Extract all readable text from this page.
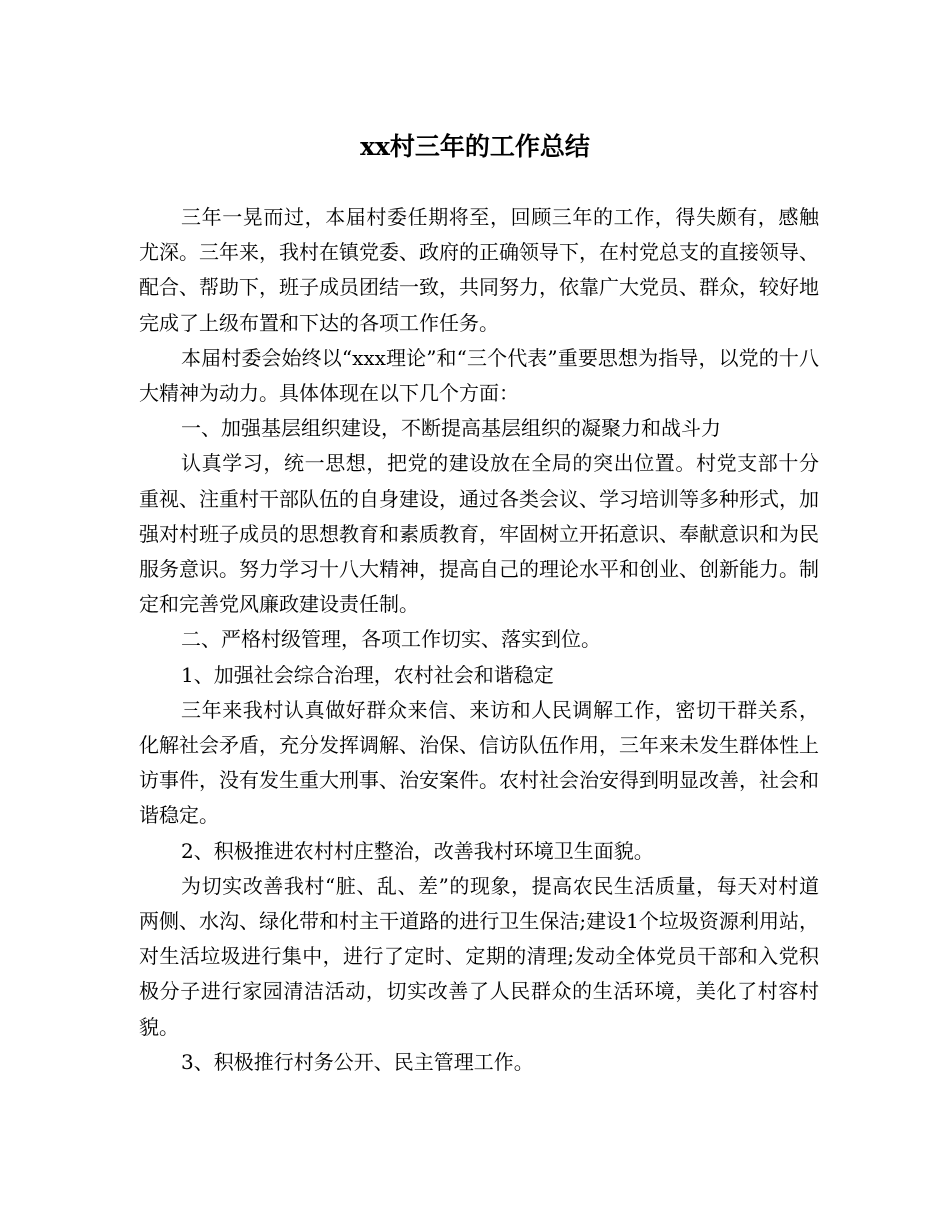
xx村三年的工作总结

三年一晃而过，本届村委任期将至，回顾三年的工作，得失颇有，感触尤深。三年来，我村在镇党委、政府的正确领导下，在村党总支的直接领导、配合、帮助下，班子成员团结一致，共同努力，依靠广大党员、群众，较好地完成了上级布置和下达的各项工作任务。

本届村委会始终以“xxx理论”和“三个代表”重要思想为指导，以党的十八大精神为动力。具体体现在以下几个方面：

一、加强基层组织建设，不断提高基层组织的凝聚力和战斗力

认真学习，统一思想，把党的建设放在全局的突出位置。村党支部十分重视、注重村干部队伍的自身建设，通过各类会议、学习培训等多种形式，加强对村班子成员的思想教育和素质教育，牢固树立开拓意识、奉献意识和为民服务意识。努力学习十八大精神，提高自己的理论水平和创业、创新能力。制定和完善党风廉政建设责任制。

二、严格村级管理，各项工作切实、落实到位。

1、加强社会综合治理，农村社会和谐稳定

三年来我村认真做好群众来信、来访和人民调解工作，密切干群关系，化解社会矛盾，充分发挥调解、治保、信访队伍作用，三年来未发生群体性上访事件，没有发生重大刑事、治安案件。农村社会治安得到明显改善，社会和谐稳定。

2、积极推进农村村庄整治，改善我村环境卫生面貌。

为切实改善我村“脏、乱、差”的现象，提高农民生活质量，每天对村道两侧、水沟、绿化带和村主干道路的进行卫生保洁;建设1个垃圾资源利用站，对生活垃圾进行集中，进行了定时、定期的清理;发动全体党员干部和入党积极分子进行家园清洁活动，切实改善了人民群众的生活环境，美化了村容村貌。

3、积极推行村务公开、民主管理工作。
